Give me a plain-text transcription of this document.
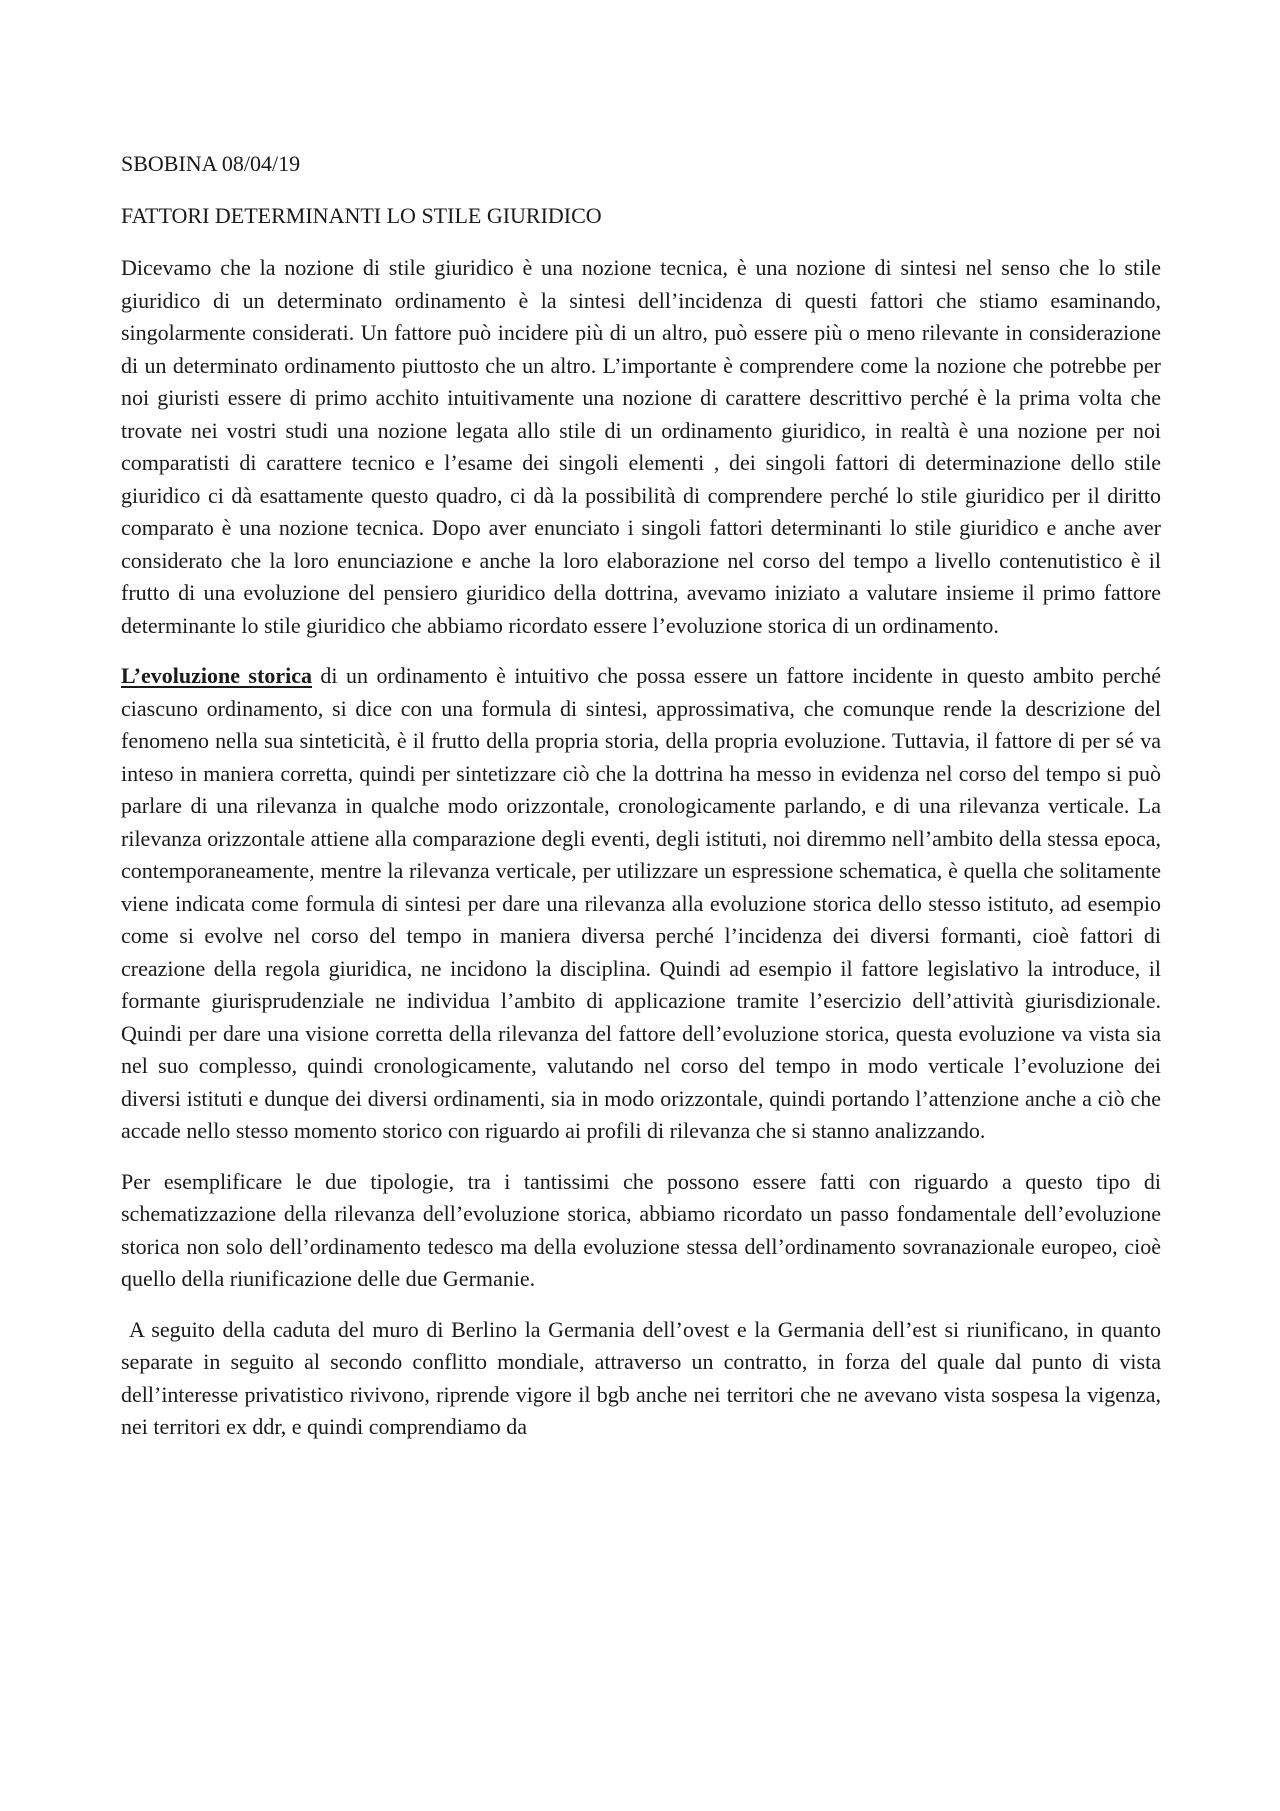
SBOBINA 08/04/19

FATTORI DETERMINANTI LO STILE GIURIDICO

Dicevamo che la nozione di stile giuridico è una nozione tecnica, è una nozione di sintesi nel senso che lo stile giuridico di un determinato ordinamento è la sintesi dell’incidenza di questi fattori che stiamo esaminando, singolarmente considerati. Un fattore può incidere più di un altro, può essere più o meno rilevante in considerazione di un determinato ordinamento piuttosto che un altro. L’importante è comprendere come la nozione che potrebbe per noi giuristi essere di primo acchito intuitivamente una nozione di carattere descrittivo perché è la prima volta che trovate nei vostri studi una nozione legata allo stile di un ordinamento giuridico, in realtà è una nozione per noi comparatisti di carattere tecnico e l’esame dei singoli elementi , dei singoli fattori di determinazione dello stile giuridico ci dà esattamente questo quadro, ci dà la possibilità di comprendere perché lo stile giuridico per il diritto comparato è una nozione tecnica. Dopo aver enunciato i singoli fattori determinanti lo stile giuridico e anche aver considerato che la loro enunciazione e anche la loro elaborazione nel corso del tempo a livello contenutistico è il frutto di una evoluzione del pensiero giuridico della dottrina, avevamo iniziato a valutare insieme il primo fattore determinante lo stile giuridico che abbiamo ricordato essere l’evoluzione storica di un ordinamento.

L’evoluzione storica di un ordinamento è intuitivo che possa essere un fattore incidente in questo ambito perché ciascuno ordinamento, si dice con una formula di sintesi, approssimativa, che comunque rende la descrizione del fenomeno nella sua sinteticità, è il frutto della propria storia, della propria evoluzione. Tuttavia, il fattore di per sé va inteso in maniera corretta, quindi per sintetizzare ciò che la dottrina ha messo in evidenza nel corso del tempo si può parlare di una rilevanza in qualche modo orizzontale, cronologicamente parlando, e di una rilevanza verticale. La rilevanza orizzontale attiene alla comparazione degli eventi, degli istituti, noi diremmo nell’ambito della stessa epoca, contemporaneamente, mentre la rilevanza verticale, per utilizzare un espressione schematica, è quella che solitamente viene indicata come formula di sintesi per dare una rilevanza alla evoluzione storica dello stesso istituto, ad esempio come si evolve nel corso del tempo in maniera diversa perché l’incidenza dei diversi formanti, cioè fattori di creazione della regola giuridica, ne incidono la disciplina. Quindi ad esempio il fattore legislativo la introduce, il formante giurisprudenziale ne individua l’ambito di applicazione tramite l’esercizio dell’attività giurisdizionale. Quindi per dare una visione corretta della rilevanza del fattore dell’evoluzione storica, questa evoluzione va vista sia nel suo complesso, quindi cronologicamente, valutando nel corso del tempo in modo verticale l’evoluzione dei diversi istituti e dunque dei diversi ordinamenti, sia in modo orizzontale, quindi portando l’attenzione anche a ciò che accade nello stesso momento storico con riguardo ai profili di rilevanza che si stanno analizzando.

Per esemplificare le due tipologie, tra i tantissimi che possono essere fatti con riguardo a questo tipo di schematizzazione della rilevanza dell’evoluzione storica, abbiamo ricordato un passo fondamentale dell’evoluzione storica non solo dell’ordinamento tedesco ma della evoluzione stessa dell’ordinamento sovranazionale europeo, cioè quello della riunificazione delle due Germanie.

A seguito della caduta del muro di Berlino la Germania dell’ovest e la Germania dell’est si riunificano, in quanto separate in seguito al secondo conflitto mondiale, attraverso un contratto, in forza del quale dal punto di vista dell’interesse privatistico rivivono, riprende vigore il bgb anche nei territori che ne avevano vista sospesa la vigenza, nei territori ex ddr, e quindi comprendiamo da
